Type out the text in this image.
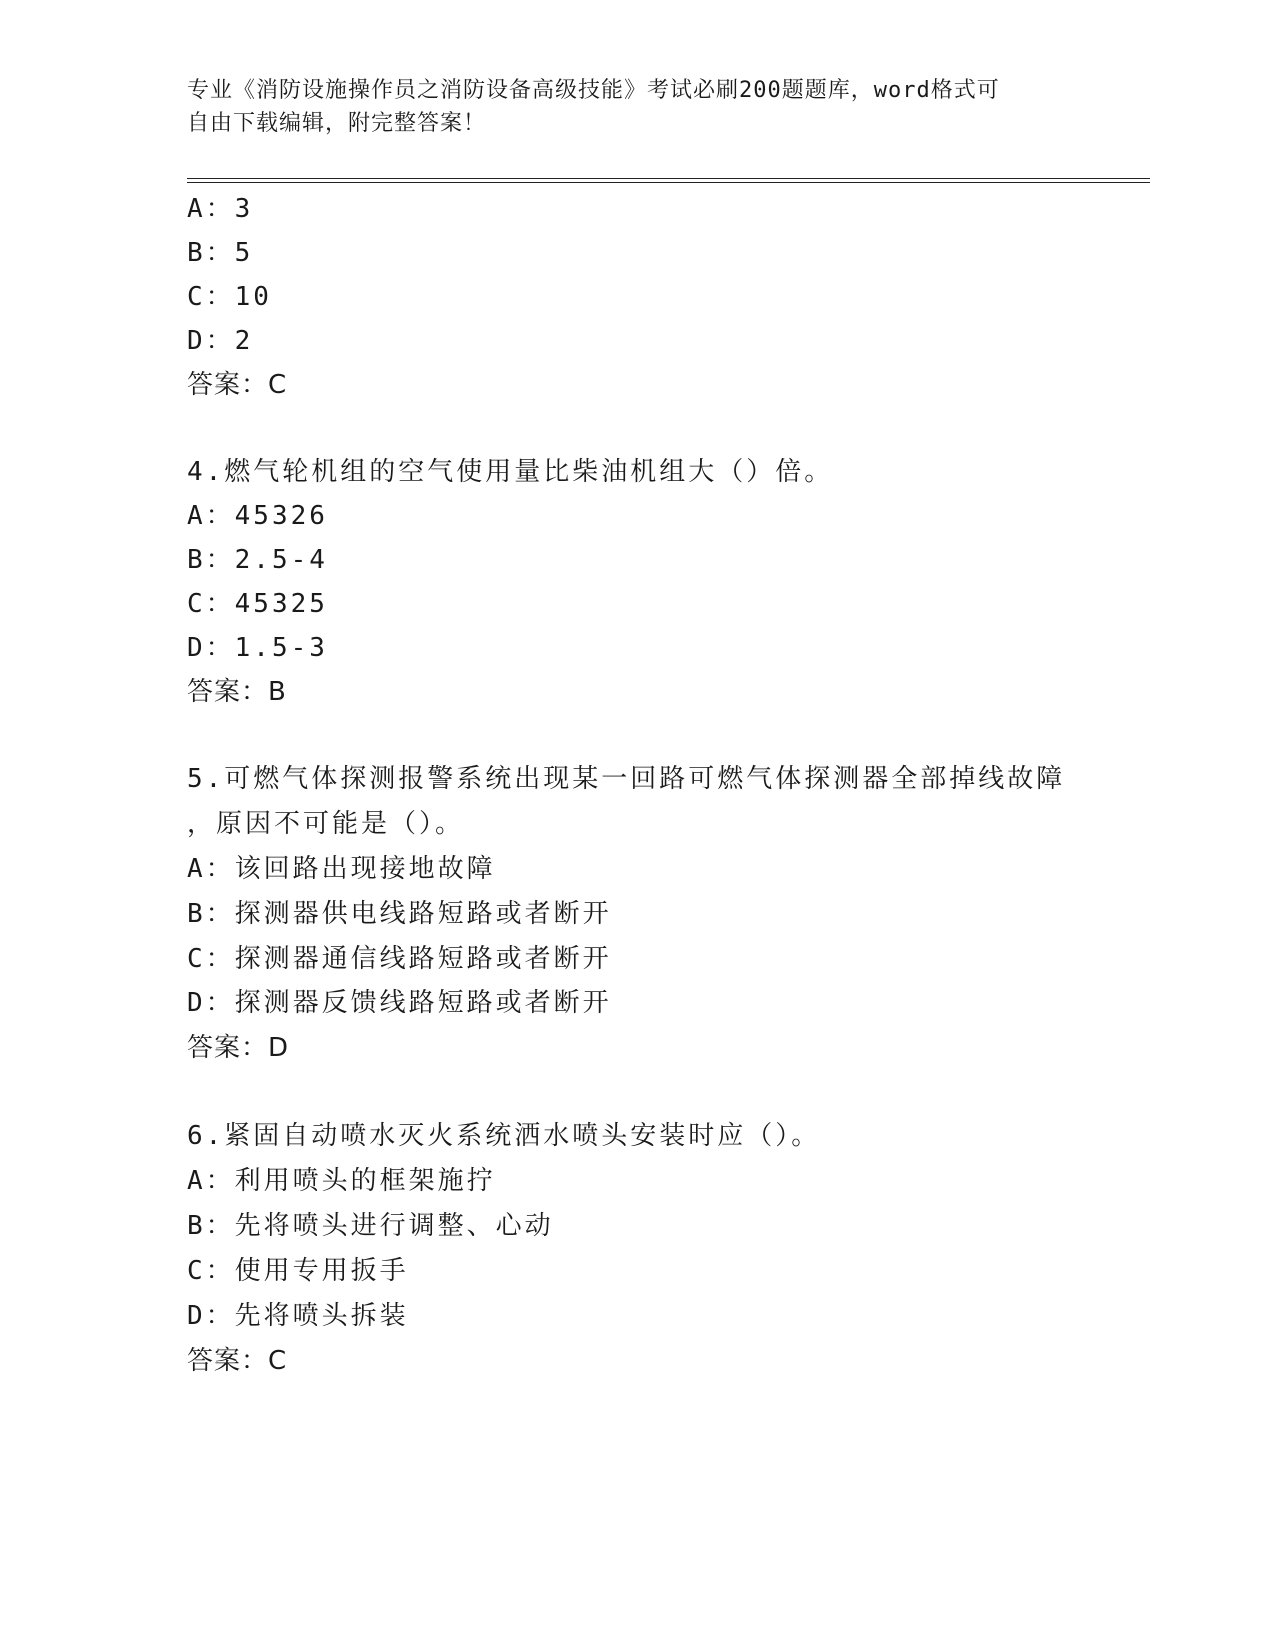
专业《消防设施操作员之消防设备高级技能》考试必刷200题题库，word格式可
自由下载编辑，附完整答案！
A：3
B：5
C：10
D：2
答案：C
4.燃气轮机组的空气使用量比柴油机组大（）倍。
A：45326
B：2.5-4
C：45325
D：1.5-3
答案：B
5.可燃气体探测报警系统出现某一回路可燃气体探测器全部掉线故障
，原因不可能是（）。
A：该回路出现接地故障
B：探测器供电线路短路或者断开
C：探测器通信线路短路或者断开
D：探测器反馈线路短路或者断开
答案：D
6.紧固自动喷水灭火系统洒水喷头安装时应（）。
A：利用喷头的框架施拧
B：先将喷头进行调整、心动
C：使用专用扳手
D：先将喷头拆装
答案：C
